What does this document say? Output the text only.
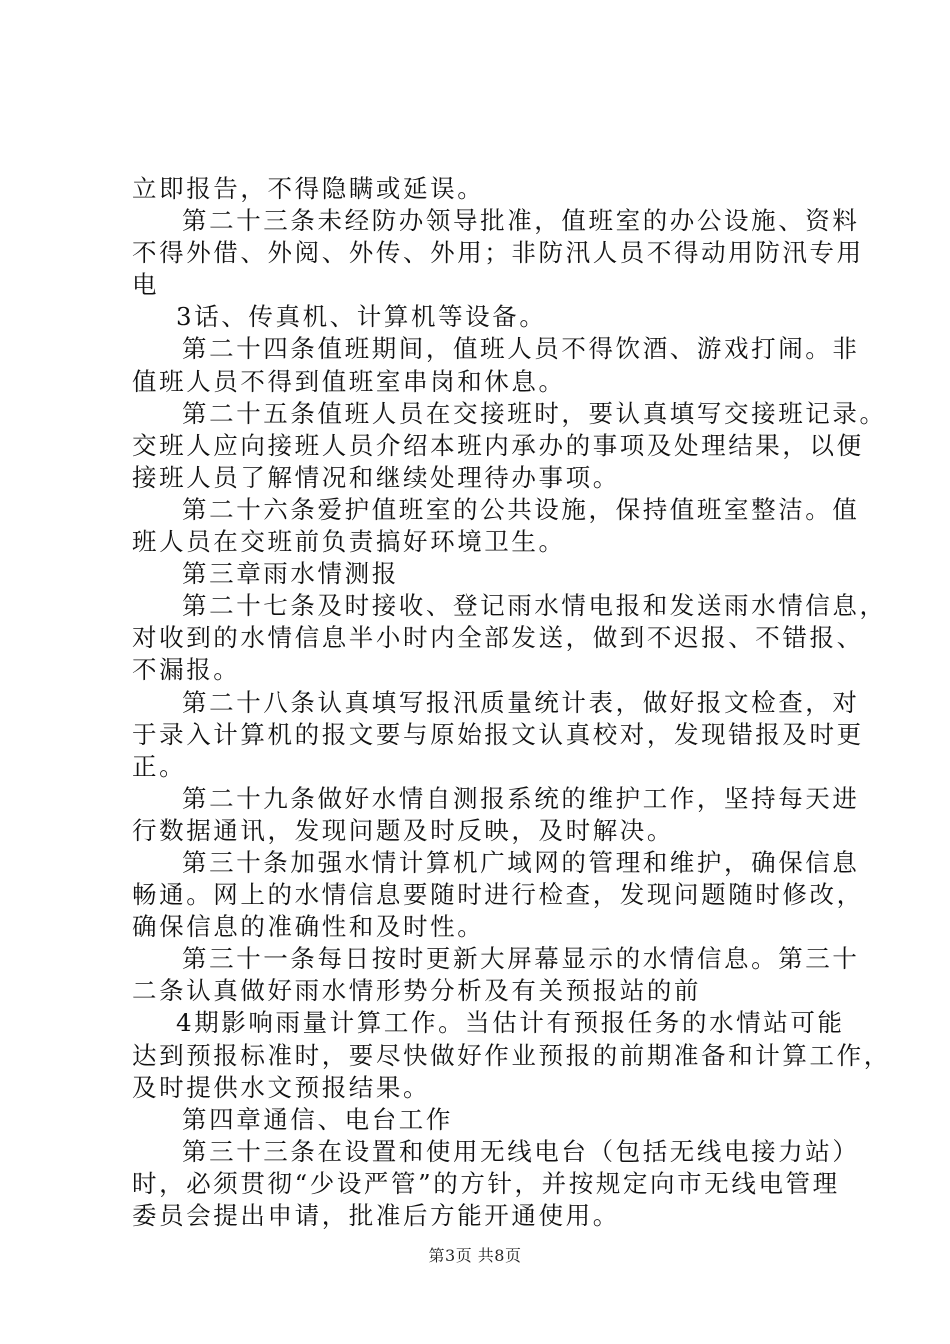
立即报告，不得隐瞒或延误。
第二十三条未经防办领导批准，值班室的办公设施、资料
不得外借、外阅、外传、外用；非防汛人员不得动用防汛专用
电
3话、传真机、计算机等设备。
第二十四条值班期间，值班人员不得饮酒、游戏打闹。非
值班人员不得到值班室串岗和休息。
第二十五条值班人员在交接班时，要认真填写交接班记录。
交班人应向接班人员介绍本班内承办的事项及处理结果，以便
接班人员了解情况和继续处理待办事项。
第二十六条爱护值班室的公共设施，保持值班室整洁。值
班人员在交班前负责搞好环境卫生。
第三章雨水情测报
第二十七条及时接收、登记雨水情电报和发送雨水情信息，
对收到的水情信息半小时内全部发送，做到不迟报、不错报、
不漏报。
第二十八条认真填写报汛质量统计表，做好报文检查，对
于录入计算机的报文要与原始报文认真校对，发现错报及时更
正。
第二十九条做好水情自测报系统的维护工作，坚持每天进
行数据通讯，发现问题及时反映，及时解决。
第三十条加强水情计算机广域网的管理和维护，确保信息
畅通。网上的水情信息要随时进行检查，发现问题随时修改，
确保信息的准确性和及时性。
第三十一条每日按时更新大屏幕显示的水情信息。第三十
二条认真做好雨水情形势分析及有关预报站的前
4期影响雨量计算工作。当估计有预报任务的水情站可能
达到预报标准时，要尽快做好作业预报的前期准备和计算工作，
及时提供水文预报结果。
第四章通信、电台工作
第三十三条在设置和使用无线电台（包括无线电接力站）
时，必须贯彻“少设严管”的方针，并按规定向市无线电管理
委员会提出申请，批准后方能开通使用。
第3页 共8页
